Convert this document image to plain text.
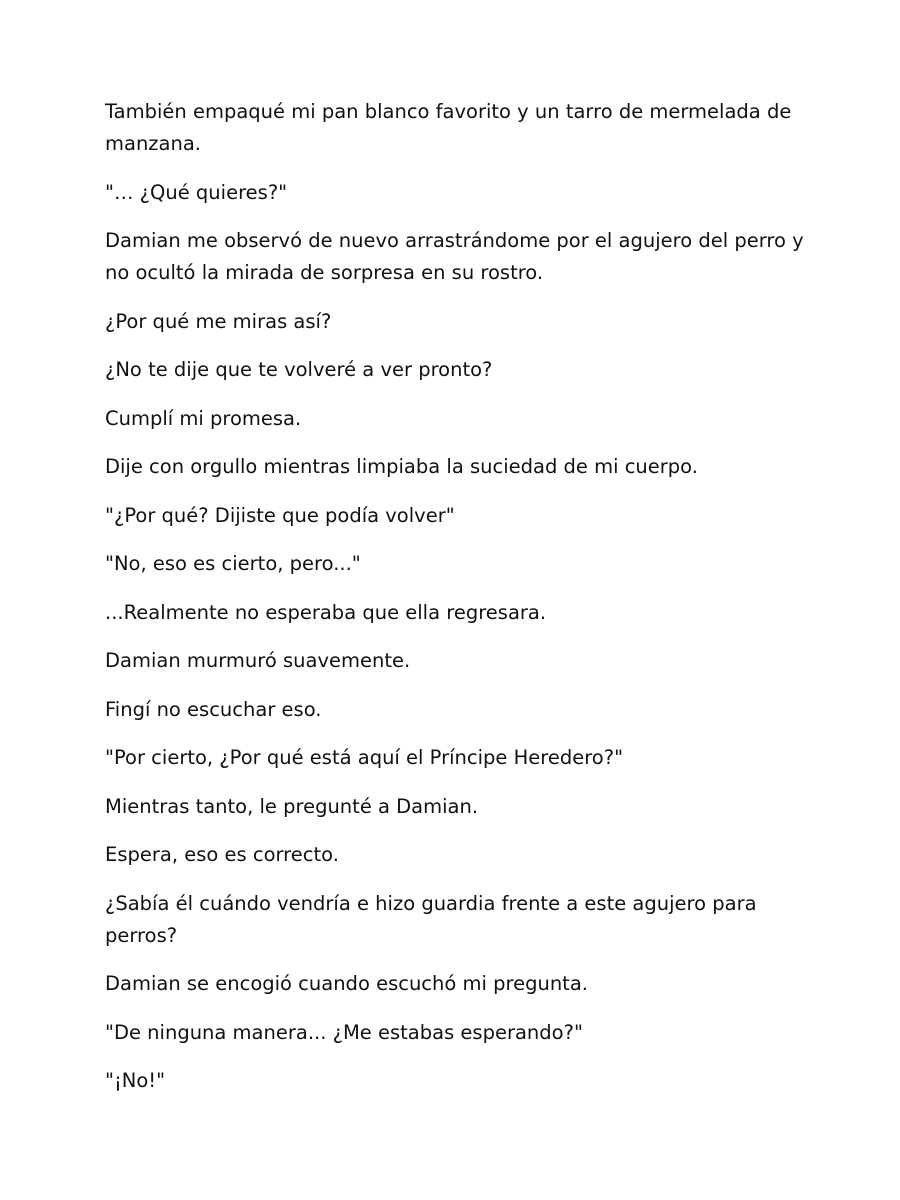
También empaqué mi pan blanco favorito y un tarro de mermelada de manzana.

"… ¿Qué quieres?"

Damian me observó de nuevo arrastrándome por el agujero del perro y no ocultó la mirada de sorpresa en su rostro.

¿Por qué me miras así?

¿No te dije que te volveré a ver pronto?

Cumplí mi promesa.

Dije con orgullo mientras limpiaba la suciedad de mi cuerpo.

"¿Por qué? Dijiste que podía volver"

"No, eso es cierto, pero..."

...Realmente no esperaba que ella regresara.

Damian murmuró suavemente.

Fingí no escuchar eso.

"Por cierto, ¿Por qué está aquí el Príncipe Heredero?"

Mientras tanto, le pregunté a Damian.

Espera, eso es correcto.

¿Sabía él cuándo vendría e hizo guardia frente a este agujero para perros?

Damian se encogió cuando escuchó mi pregunta.

"De ninguna manera... ¿Me estabas esperando?"

"¡No!"
